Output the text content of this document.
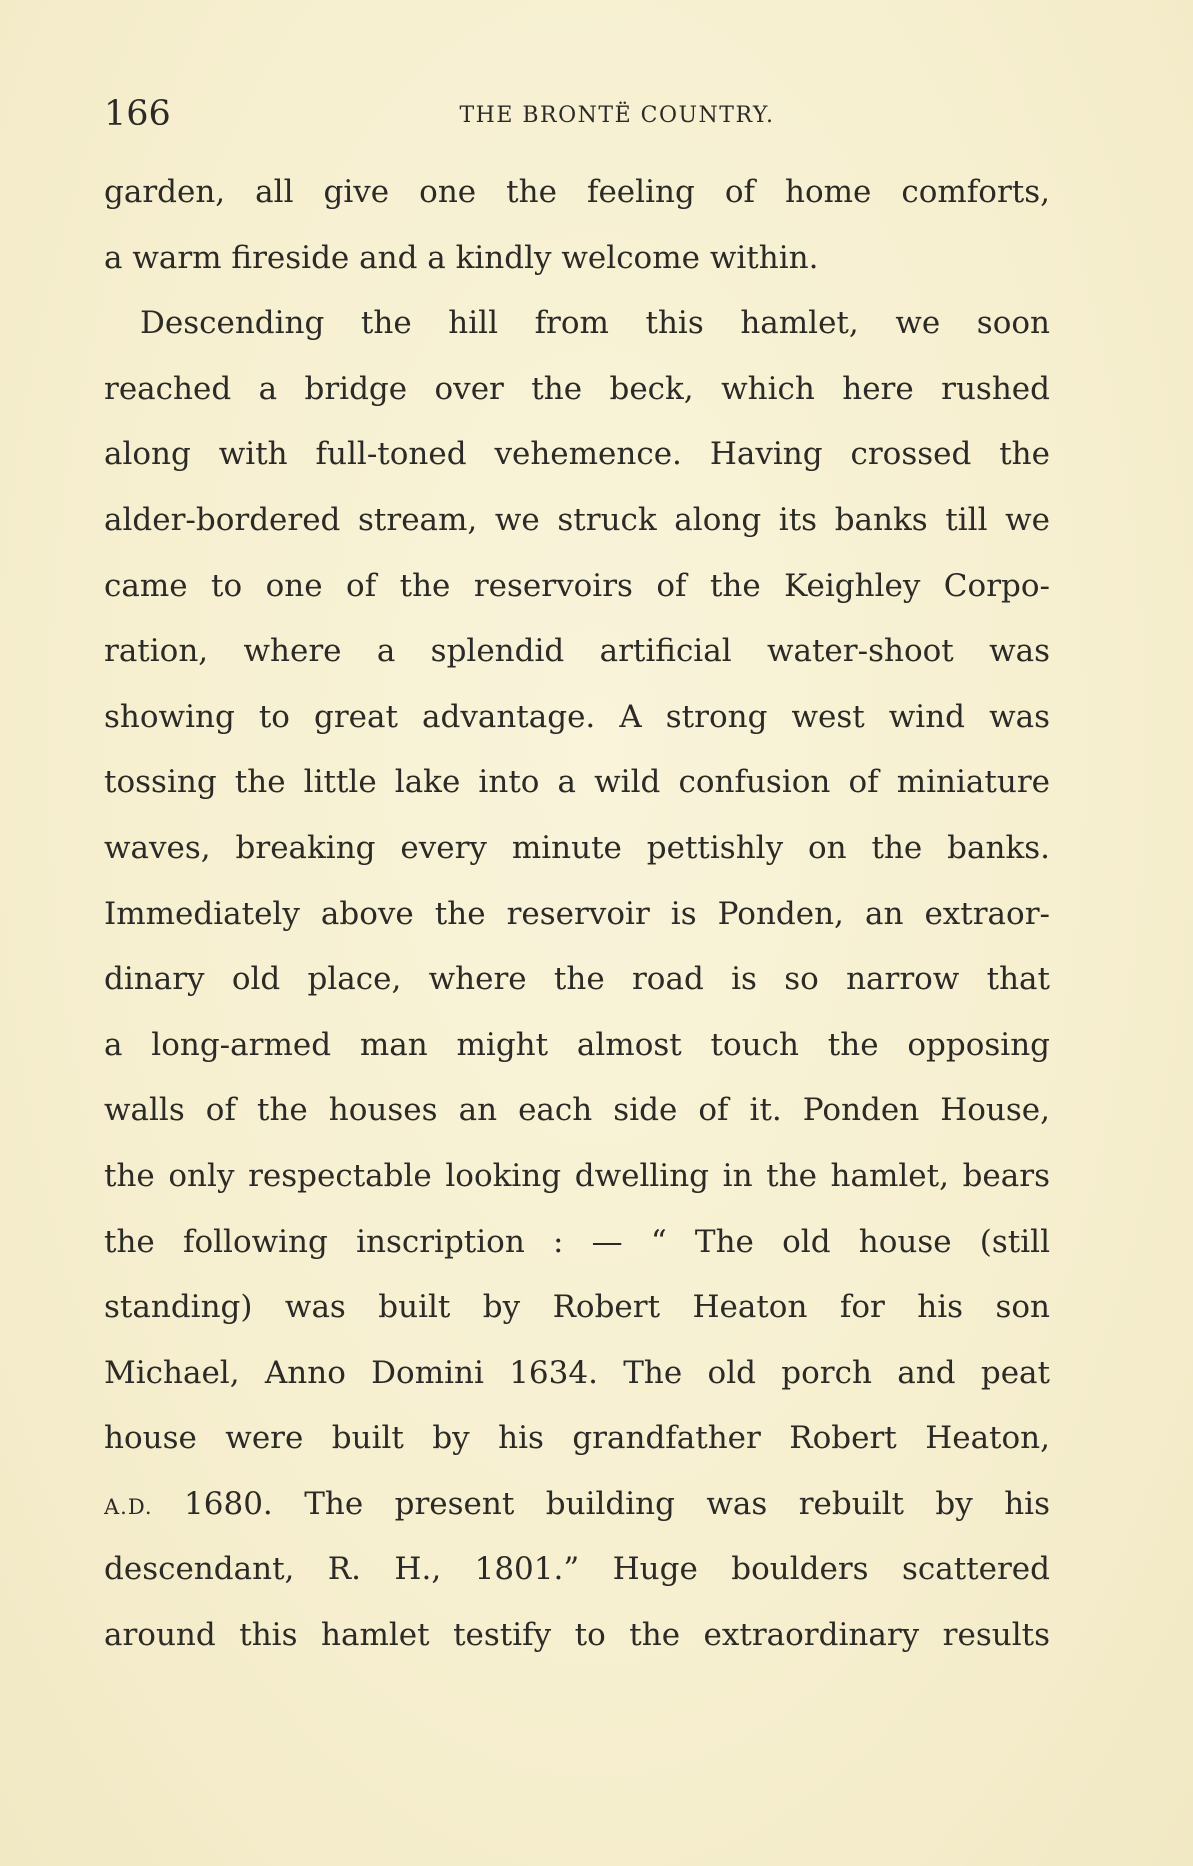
166	THE BRONTË COUNTRY.
garden, all give one the feeling of home comforts,
a warm fireside and a kindly welcome within.
Descending the hill from this hamlet, we soon
reached a bridge over the beck, which here rushed
along with full-toned vehemence. Having crossed the
alder-bordered stream, we struck along its banks till we
came to one of the reservoirs of the Keighley Corpo-
ration, where a splendid artificial water-shoot was
showing to great advantage. A strong west wind was
tossing the little lake into a wild confusion of miniature
waves, breaking every minute pettishly on the banks.
Immediately above the reservoir is Ponden, an extraor-
dinary old place, where the road is so narrow that
a long-armed man might almost touch the opposing
walls of the houses an each side of it. Ponden House,
the only respectable looking dwelling in the hamlet, bears
the following inscription : — “ The old house (still
standing) was built by Robert Heaton for his son
Michael, Anno Domini 1634. The old porch and peat
house were built by his grandfather Robert Heaton,
A.D. 1680. The present building was rebuilt by his
descendant, R. H., 1801.” Huge boulders scattered
around this hamlet testify to the extraordinary results
